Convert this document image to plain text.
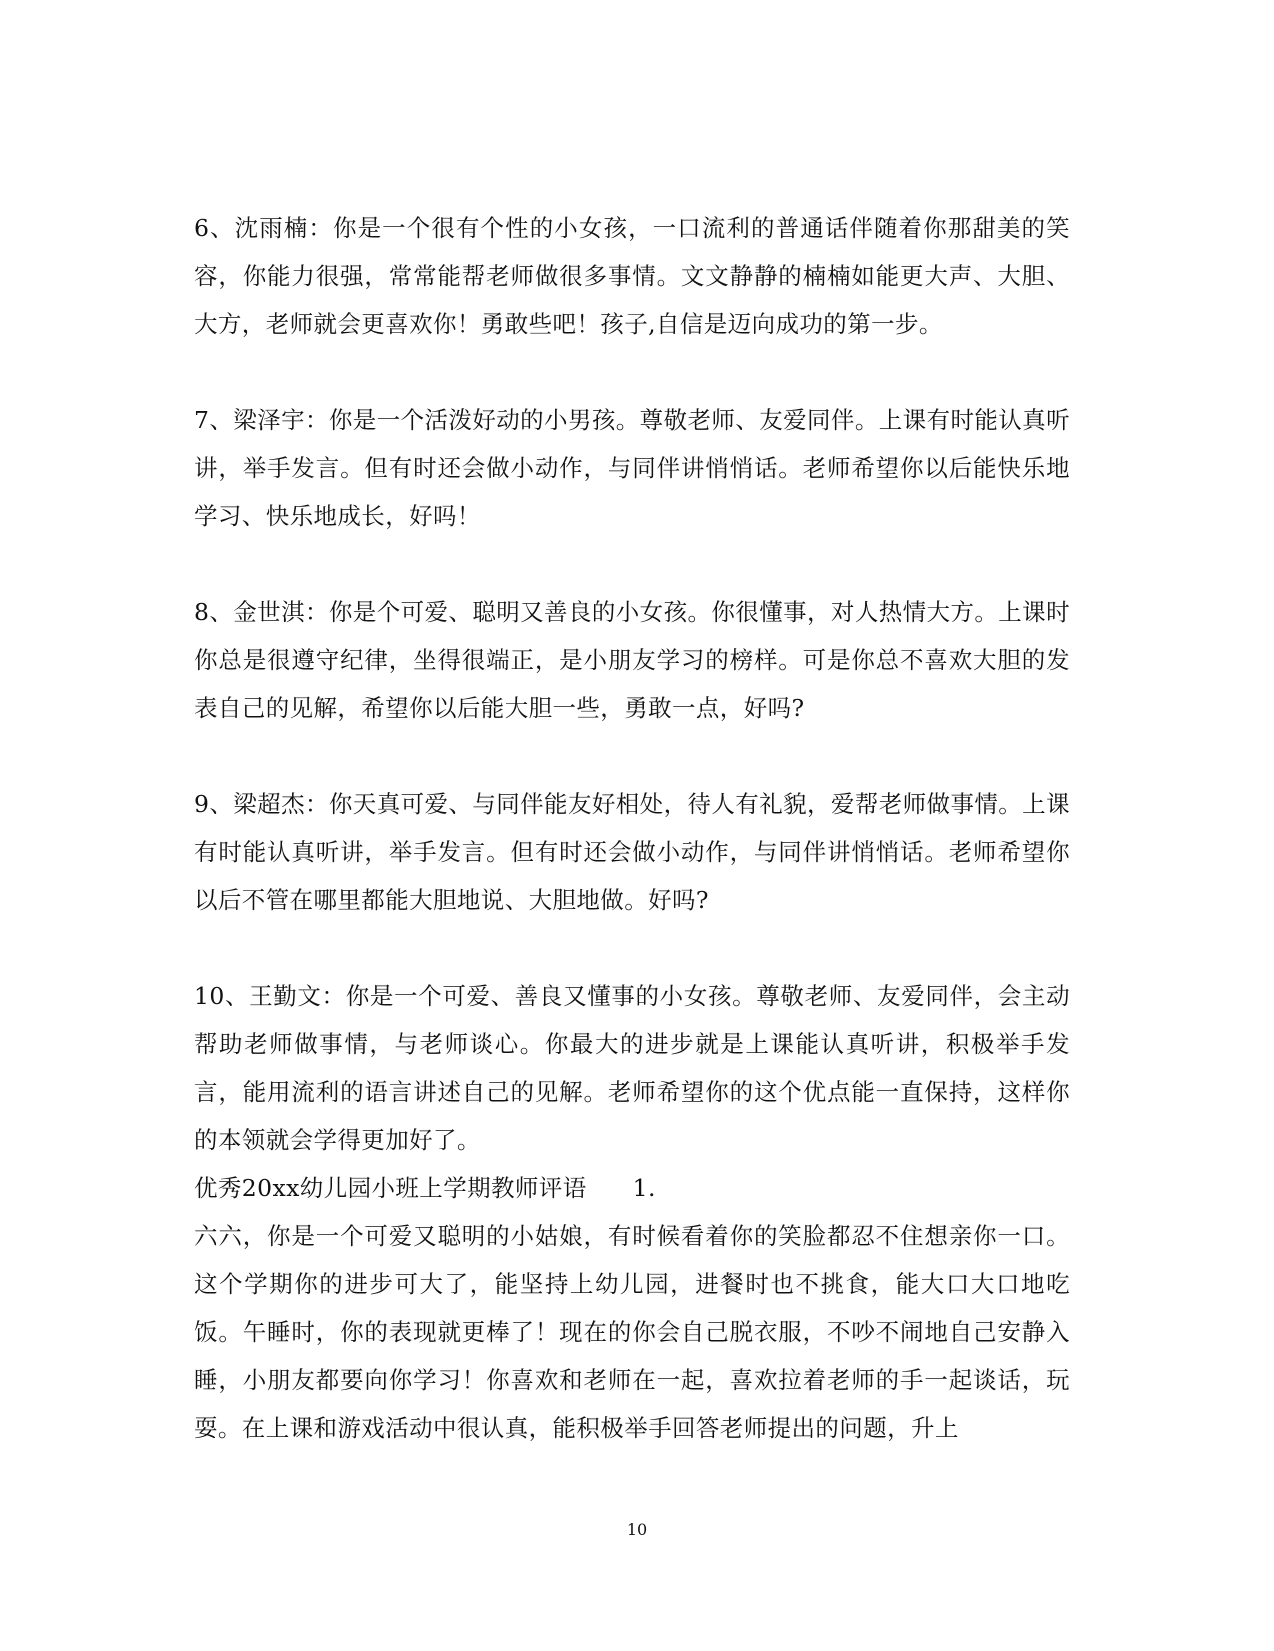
6、沈雨楠：你是一个很有个性的小女孩，一口流利的普通话伴随着你那甜美的笑容，你能力很强，常常能帮老师做很多事情。文文静静的楠楠如能更大声、大胆、大方，老师就会更喜欢你！勇敢些吧！孩子,自信是迈向成功的第一步。

7、梁泽宇：你是一个活泼好动的小男孩。尊敬老师、友爱同伴。上课有时能认真听讲，举手发言。但有时还会做小动作，与同伴讲悄悄话。老师希望你以后能快乐地学习、快乐地成长，好吗！

8、金世淇：你是个可爱、聪明又善良的小女孩。你很懂事，对人热情大方。上课时你总是很遵守纪律，坐得很端正，是小朋友学习的榜样。可是你总不喜欢大胆的发表自己的见解，希望你以后能大胆一些，勇敢一点，好吗?

9、梁超杰：你天真可爱、与同伴能友好相处，待人有礼貌，爱帮老师做事情。上课有时能认真听讲，举手发言。但有时还会做小动作，与同伴讲悄悄话。老师希望你以后不管在哪里都能大胆地说、大胆地做。好吗?

10、王勤文：你是一个可爱、善良又懂事的小女孩。尊敬老师、友爱同伴，会主动帮助老师做事情，与老师谈心。你最大的进步就是上课能认真听讲，积极举手发言，能用流利的语言讲述自己的见解。老师希望你的这个优点能一直保持，这样你的本领就会学得更加好了。

优秀20xx幼儿园小班上学期教师评语 1.

六六，你是一个可爱又聪明的小姑娘，有时候看着你的笑脸都忍不住想亲你一口。这个学期你的进步可大了，能坚持上幼儿园，进餐时也不挑食，能大口大口地吃饭。午睡时，你的表现就更棒了！现在的你会自己脱衣服，不吵不闹地自己安静入睡，小朋友都要向你学习！你喜欢和老师在一起，喜欢拉着老师的手一起谈话，玩耍。在上课和游戏活动中很认真，能积极举手回答老师提出的问题，升上

10
